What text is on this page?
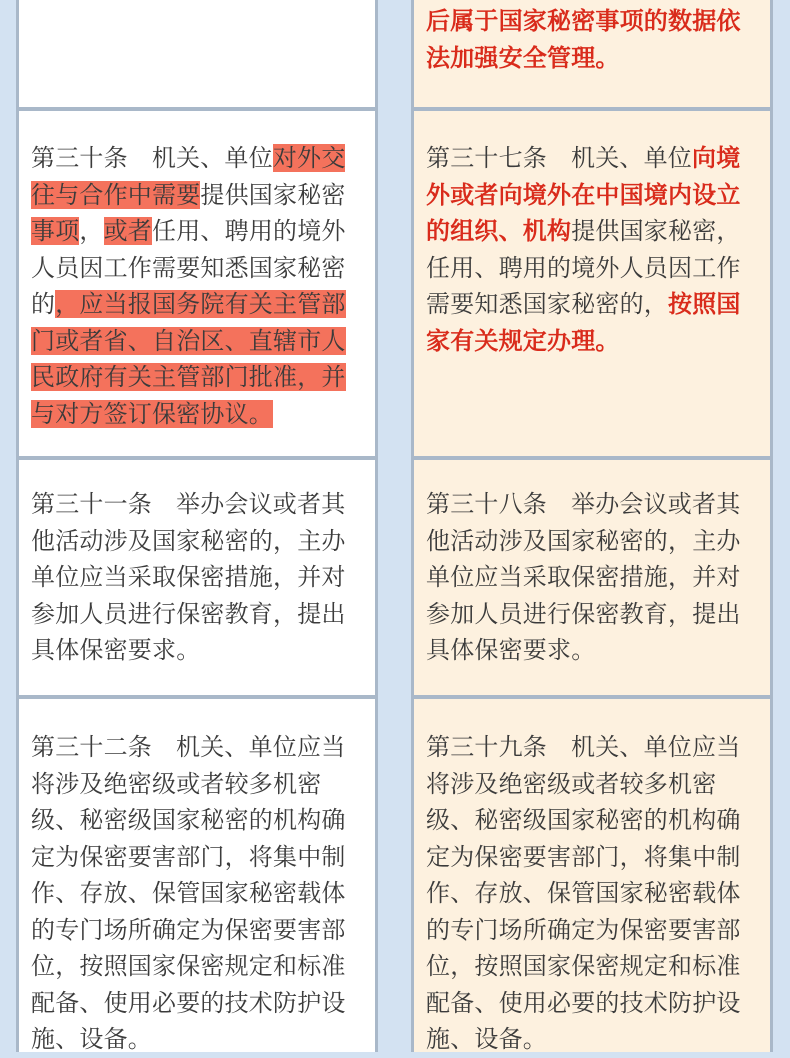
第三十条 机关、单位对外交往与合作中需要提供国家秘密事项，或者任用、聘用的境外人员因工作需要知悉国家秘密的，应当报国务院有关主管部门或者省、自治区、直辖市人民政府有关主管部门批准，并与对方签订保密协议。
第三十一条 举办会议或者其他活动涉及国家秘密的，主办单位应当采取保密措施，并对参加人员进行保密教育，提出具体保密要求。
第三十二条 机关、单位应当将涉及绝密级或者较多机密级、秘密级国家秘密的机构确定为保密要害部门，将集中制作、存放、保管国家秘密载体的专门场所确定为保密要害部位，按照国家保密规定和标准配备、使用必要的技术防护设施、设备。
后属于国家秘密事项的数据依法加强安全管理。
第三十七条 机关、单位向境外或者向境外在中国境内设立的组织、机构提供国家秘密，任用、聘用的境外人员因工作需要知悉国家秘密的，按照国家有关规定办理。
第三十八条 举办会议或者其他活动涉及国家秘密的，主办单位应当采取保密措施，并对参加人员进行保密教育，提出具体保密要求。
第三十九条 机关、单位应当将涉及绝密级或者较多机密级、秘密级国家秘密的机构确定为保密要害部门，将集中制作、存放、保管国家秘密载体的专门场所确定为保密要害部位，按照国家保密规定和标准配备、使用必要的技术防护设施、设备。
